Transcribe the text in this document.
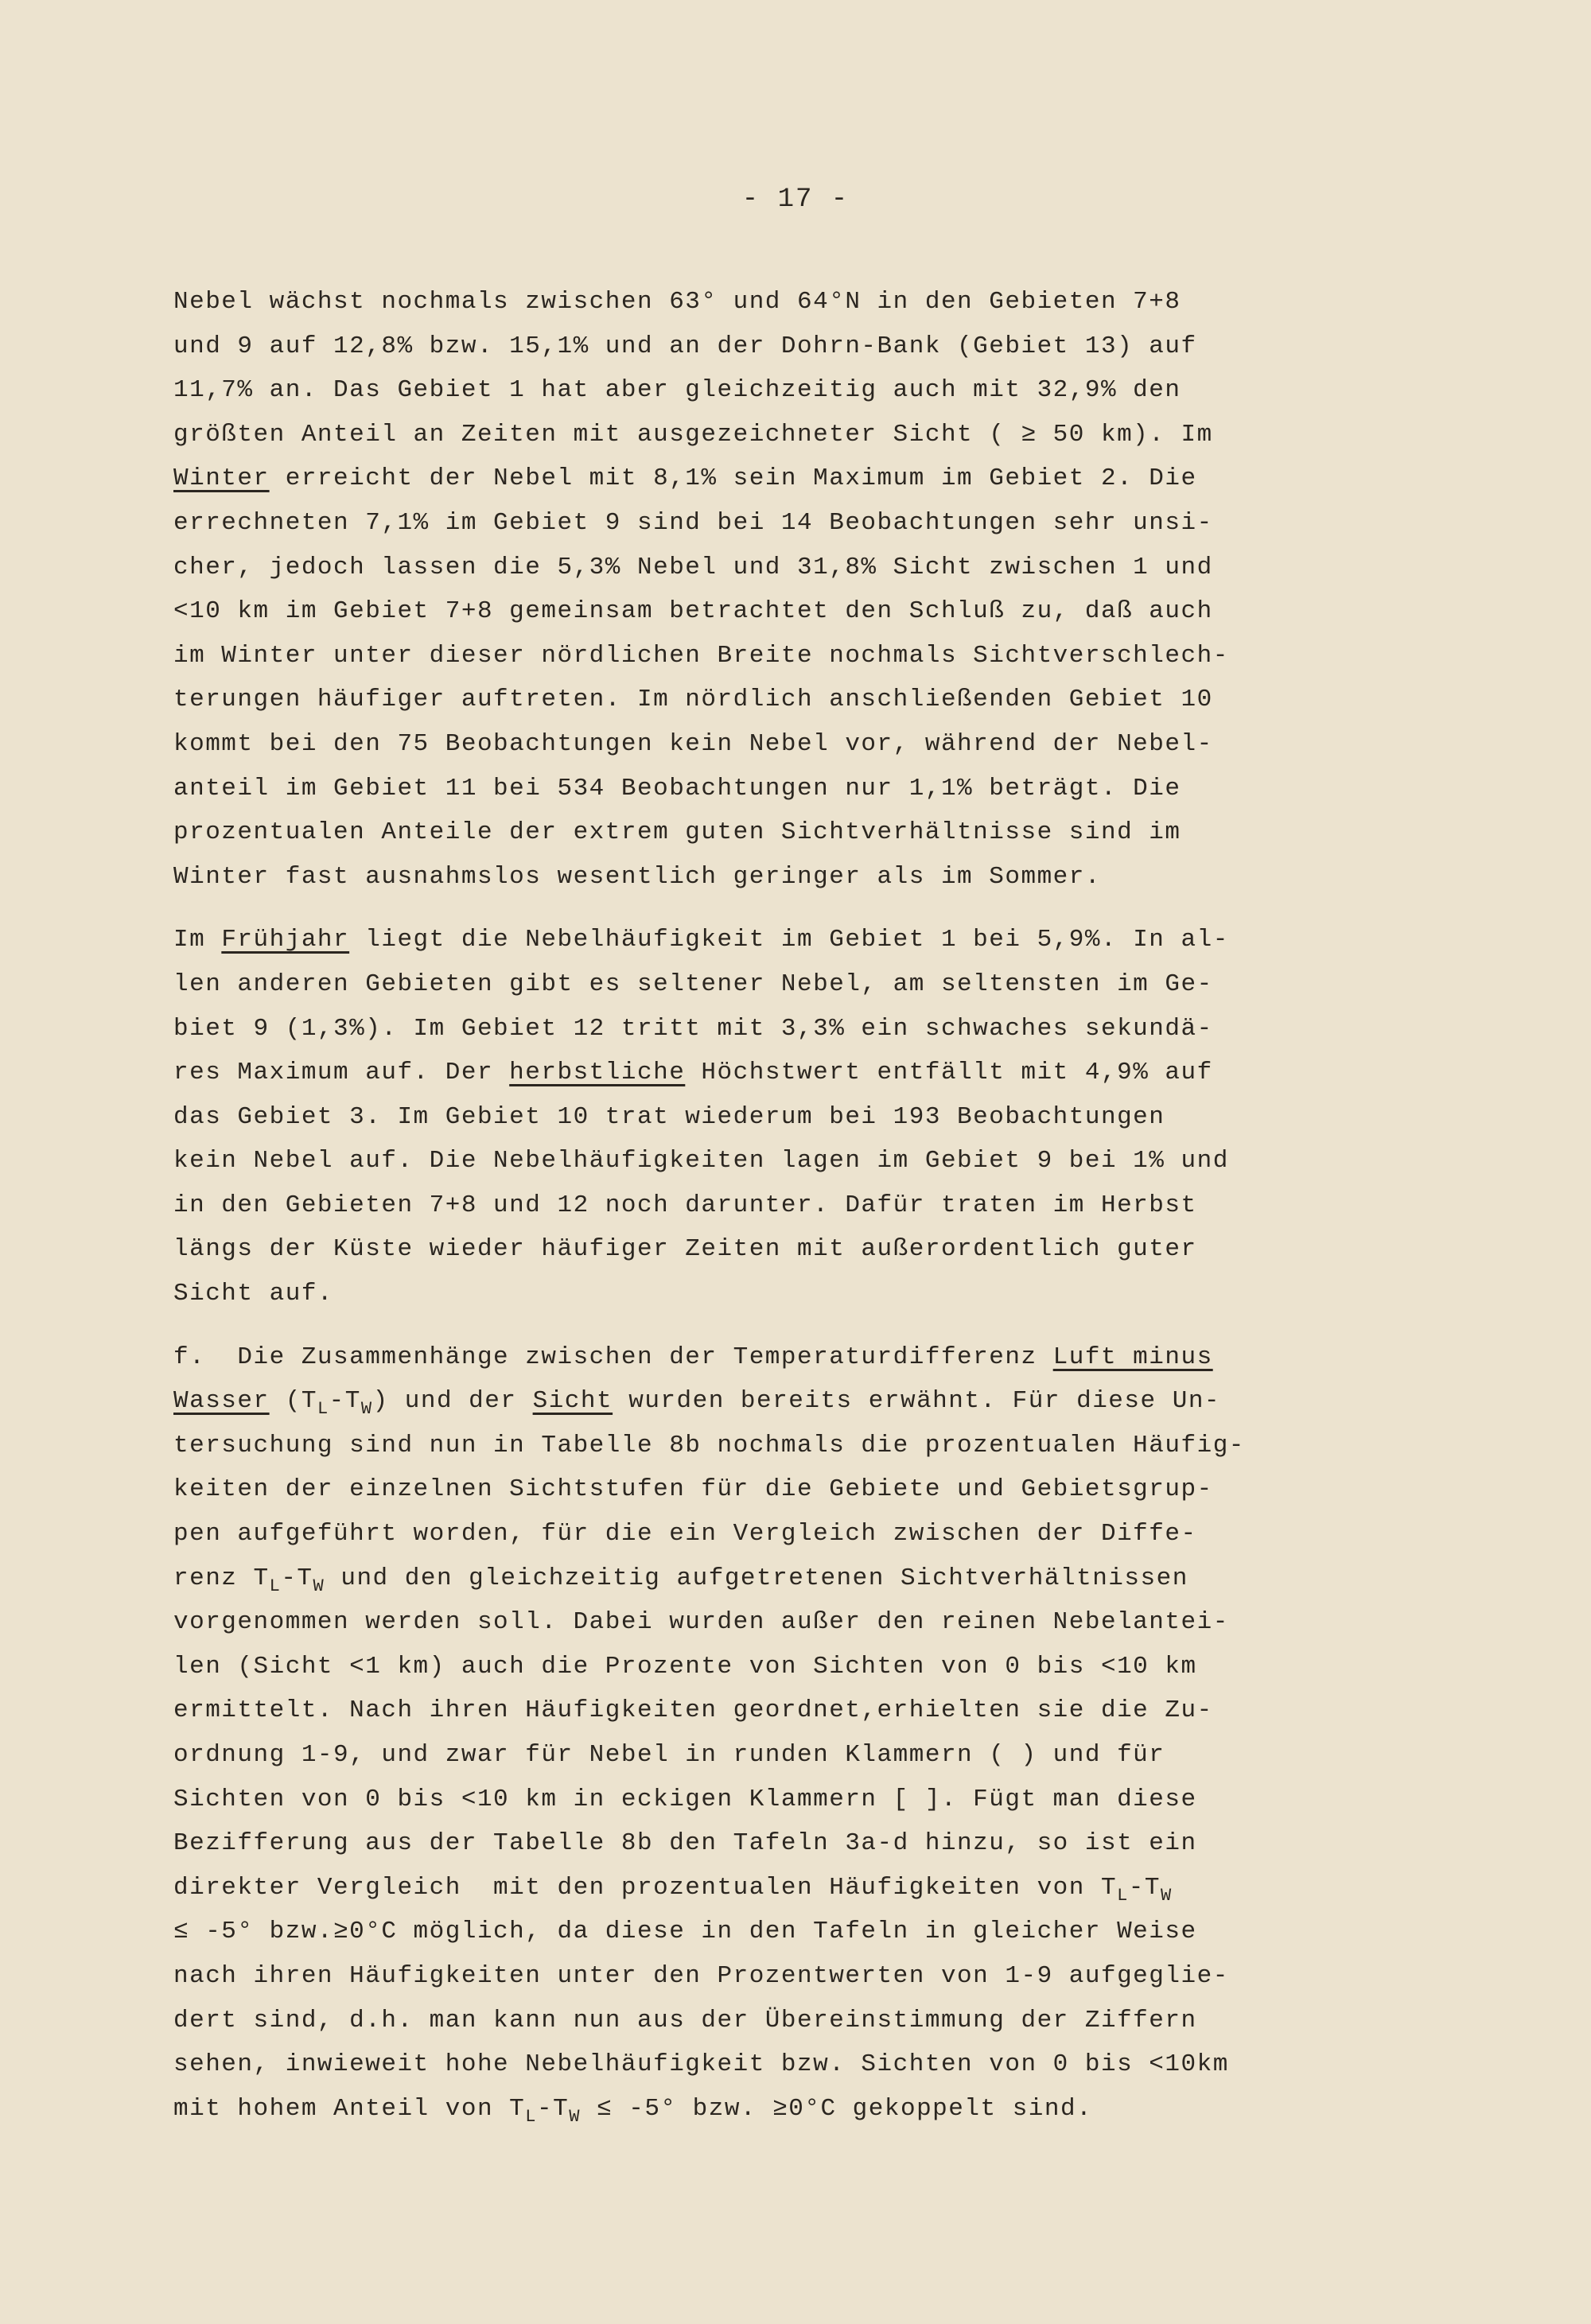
- 17 -
Nebel wächst nochmals zwischen 63° und 64°N in den Gebieten 7+8
und 9 auf 12,8% bzw. 15,1% und an der Dohrn-Bank (Gebiet 13) auf
11,7% an. Das Gebiet 1 hat aber gleichzeitig auch mit 32,9% den
größten Anteil an Zeiten mit ausgezeichneter Sicht ( ≥ 50 km). Im
Winter erreicht der Nebel mit 8,1% sein Maximum im Gebiet 2. Die
errechneten 7,1% im Gebiet 9 sind bei 14 Beobachtungen sehr unsi-
cher, jedoch lassen die 5,3% Nebel und 31,8% Sicht zwischen 1 und
<10 km im Gebiet 7+8 gemeinsam betrachtet den Schluß zu, daß auch
im Winter unter dieser nördlichen Breite nochmals Sichtverschlech-
terungen häufiger auftreten. Im nördlich anschließenden Gebiet 10
kommt bei den 75 Beobachtungen kein Nebel vor, während der Nebel-
anteil im Gebiet 11 bei 534 Beobachtungen nur 1,1% beträgt. Die
prozentualen Anteile der extrem guten Sichtverhältnisse sind im
Winter fast ausnahmslos wesentlich geringer als im Sommer.
Im Frühjahr liegt die Nebelhäufigkeit im Gebiet 1 bei 5,9%. In al-
len anderen Gebieten gibt es seltener Nebel, am seltensten im Ge-
biet 9 (1,3%). Im Gebiet 12 tritt mit 3,3% ein schwaches sekundä-
res Maximum auf. Der herbstliche Höchstwert entfällt mit 4,9% auf
das Gebiet 3. Im Gebiet 10 trat wiederum bei 193 Beobachtungen
kein Nebel auf. Die Nebelhäufigkeiten lagen im Gebiet 9 bei 1% und
in den Gebieten 7+8 und 12 noch darunter. Dafür traten im Herbst
längs der Küste wieder häufiger Zeiten mit außerordentlich guter
Sicht auf.
f.  Die Zusammenhänge zwischen der Temperaturdifferenz Luft minus
Wasser $(T_L-T_W)$ und der Sicht wurden bereits erwähnt. Für diese Un-
tersuchung sind nun in Tabelle 8b nochmals die prozentualen Häufig-
keiten der einzelnen Sichtstufen für die Gebiete und Gebietsgrup-
pen aufgeführt worden, für die ein Vergleich zwischen der Diffe-
renz $T_L-T_W$ und den gleichzeitig aufgetretenen Sichtverhältnissen
vorgenommen werden soll. Dabei wurden außer den reinen Nebelantei-
len (Sicht <1 km) auch die Prozente von Sichten von 0 bis <10 km
ermittelt. Nach ihren Häufigkeiten geordnet,erhielten sie die Zu-
ordnung 1-9, und zwar für Nebel in runden Klammern ( ) und für
Sichten von 0 bis <10 km in eckigen Klammern [ ]. Fügt man diese
Bezifferung aus der Tabelle 8b den Tafeln 3a-d hinzu, so ist ein
direkter Vergleich  mit den prozentualen Häufigkeiten von $T_L-T_W$
≤ -5° bzw.≥0°C möglich, da diese in den Tafeln in gleicher Weise
nach ihren Häufigkeiten unter den Prozentwerten von 1-9 aufgeglie-
dert sind, d.h. man kann nun aus der Übereinstimmung der Ziffern
sehen, inwieweit hohe Nebelhäufigkeit bzw. Sichten von 0 bis <10km
mit hohem Anteil von $T_L-T_W \le -5^\circ$ bzw. ≥0°C gekoppelt sind.
